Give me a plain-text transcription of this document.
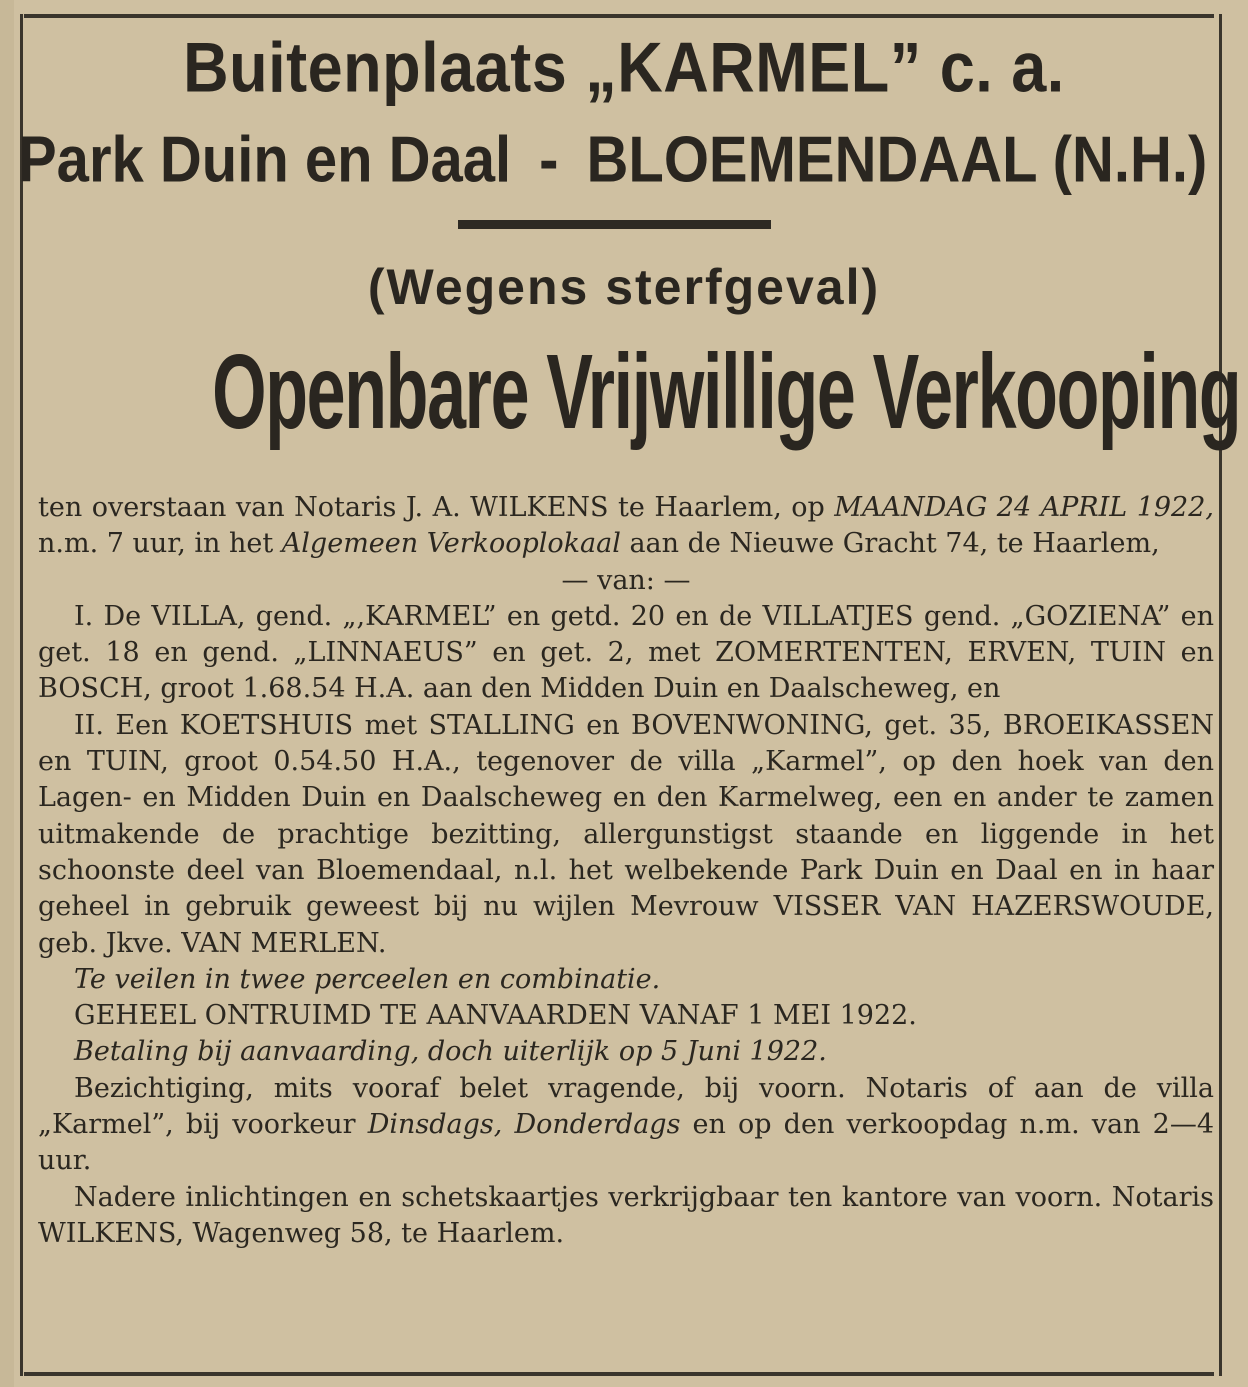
Buitenplaats „KARMEL” c. a.
Park Duin en Daal - BLOEMENDAAL (N.H.)
(Wegens sterfgeval)
Openbare Vrijwillige Verkooping

ten overstaan van Notaris J. A. WILKENS te Haarlem, op MAANDAG 24 APRIL 1922, n.m. 7 uur, in het Algemeen Verkooplokaal aan de Nieuwe Gracht 74, te Haarlem,

— van: —

I. De VILLA, gend. „,KARMEL” en getd. 20 en de VILLATJES gend. „GOZIENA” en get. 18 en gend. „LINNAEUS” en get. 2, met ZOMERTENTEN, ERVEN, TUIN en BOSCH, groot 1.68.54 H.A. aan den Midden Duin en Daalscheweg, en

II. Een KOETSHUIS met STALLING en BOVENWONING, get. 35, BROEIKASSEN en TUIN, groot 0.54.50 H.A., tegenover de villa „Karmel”, op den hoek van den Lagen- en Midden Duin en Daalscheweg en den Karmelweg, een en ander te zamen uitmakende de prachtige bezitting, allergunstigst staande en liggende in het schoonste deel van Bloemendaal, n.l. het welbekende Park Duin en Daal en in haar geheel in gebruik geweest bij nu wijlen Mevrouw VISSER VAN HAZERSWOUDE, geb. Jkve. VAN MERLEN.

Te veilen in twee perceelen en combinatie.

GEHEEL ONTRUIMD TE AANVAARDEN VANAF 1 MEI 1922.

Betaling bij aanvaarding, doch uiterlijk op 5 Juni 1922.

Bezichtiging, mits vooraf belet vragende, bij voorn. Notaris of aan de villa „Karmel”, bij voorkeur Dinsdags, Donderdags en op den verkoopdag n.m. van 2—4 uur.

Nadere inlichtingen en schetskaartjes verkrijgbaar ten kantore van voorn. Notaris WILKENS, Wagenweg 58, te Haarlem.
